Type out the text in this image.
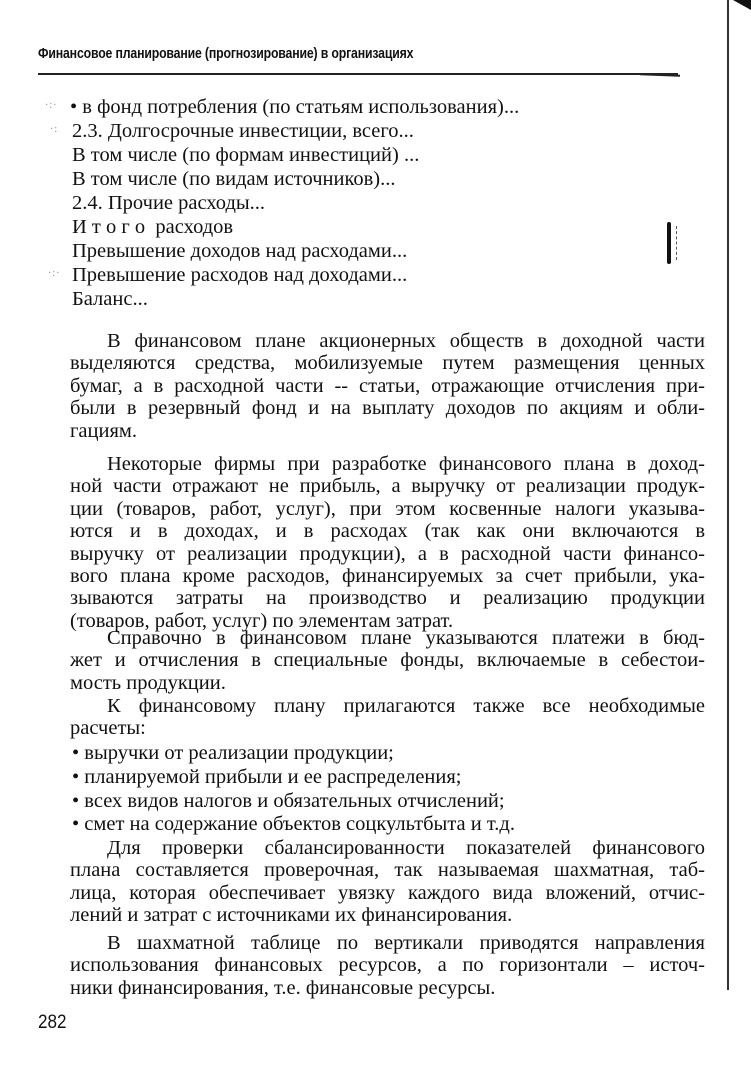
·:·
·:
·:·
Финансовое планирование (прогнозирование) в организациях
• в фонд потребления (по статьям использования)...
2.3. Долгосрочные инвестиции, всего...
В том числе (по формам инвестиций) ...
В том числе (по видам источников)...
2.4. Прочие расходы...
И т о г о  расходов
Превышение доходов над расходами...
Превышение расходов над доходами...
Баланс...
В финансовом плане акционерных обществ в доходной части
выделяются средства, мобилизуемые путем размещения ценных
бумаг, а в расходной части -- статьи, отражающие отчисления при-
были в резервный фонд и на выплату доходов по акциям и обли-
гациям.
Некоторые фирмы при разработке финансового плана в доход-
ной части отражают не прибыль, а выручку от реализации продук-
ции (товаров, работ, услуг), при этом косвенные налоги указыва-
ются и в доходах, и в расходах (так как они включаются в
выручку от реализации продукции), а в расходной части финансо-
вого плана кроме расходов, финансируемых за счет прибыли, ука-
зываются затраты на производство и реализацию продукции
(товаров, работ, услуг) по элементам затрат.
Справочно в финансовом плане указываются платежи в бюд-
жет и отчисления в специальные фонды, включаемые в себестои-
мость продукции.
К финансовому плану прилагаются также все необходимые
расчеты:
• выручки от реализации продукции;
• планируемой прибыли и ее распределения;
• всех видов налогов и обязательных отчислений;
• смет на содержание объектов соцкультбыта и т.д.
Для проверки сбалансированности показателей финансового
плана составляется проверочная, так называемая шахматная, таб-
лица, которая обеспечивает увязку каждого вида вложений, отчис-
лений и затрат с источниками их финансирования.
В шахматной таблице по вертикали приводятся направления
использования финансовых ресурсов, а по горизонтали – источ-
ники финансирования, т.е. финансовые ресурсы.
282
